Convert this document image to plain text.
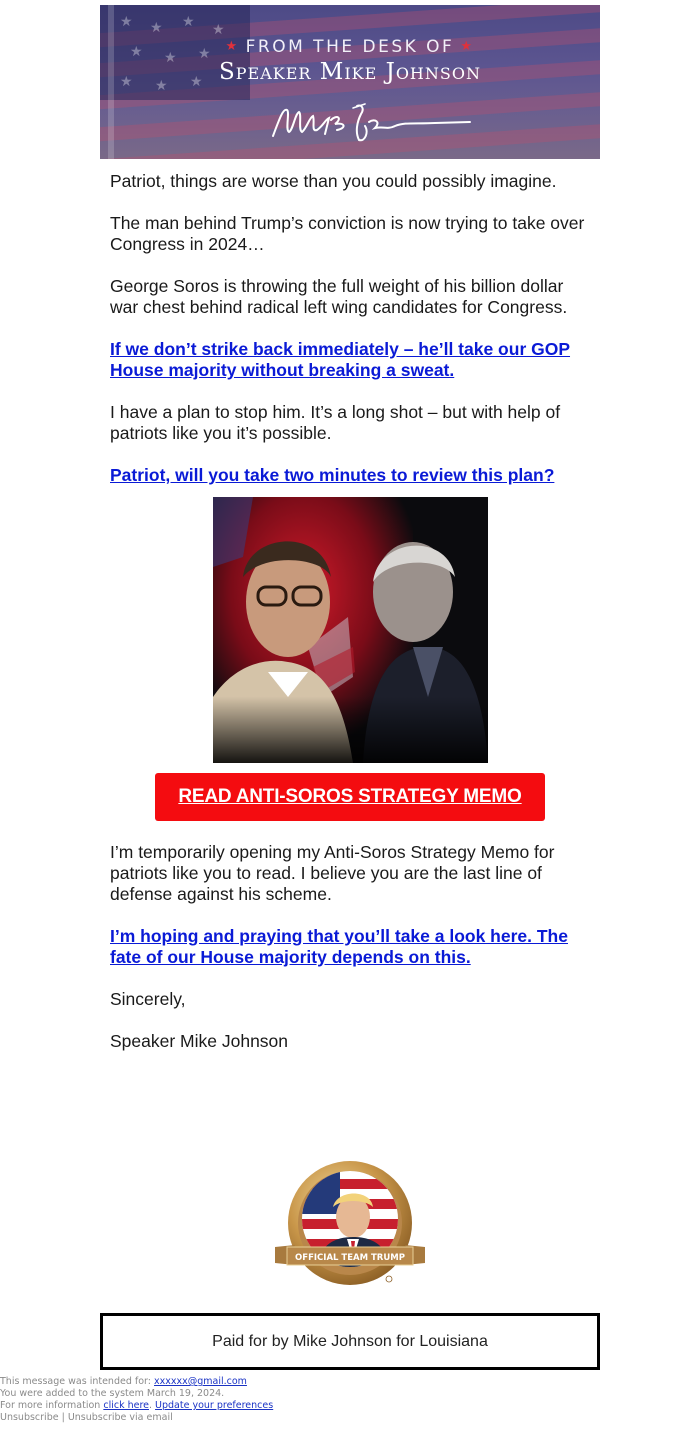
★ ★ ★ ★
★ ★ ★
★ ★ ★
★ FROM THE DESK OF ★
Speaker Mike Johnson

Patriot, things are worse than you could possibly imagine.

The man behind Trump’s conviction is now trying to take over Congress in 2024…

George Soros is throwing the full weight of his billion dollar war chest behind radical left wing candidates for Congress.

If we don’t strike back immediately – he’ll take our GOP House majority without breaking a sweat.

I have a plan to stop him. It’s a long shot – but with help of patriots like you it’s possible.

Patriot, will you take two minutes to review this plan?

READ ANTI-SOROS STRATEGY MEMO

I’m temporarily opening my Anti-Soros Strategy Memo for patriots like you to read. I believe you are the last line of defense against his scheme.

I’m hoping and praying that you’ll take a look here. The fate of our House majority depends on this.

Sincerely,

Speaker Mike Johnson

OFFICIAL TEAM TRUMP
Paid for by Mike Johnson for Louisiana
This message was intended for: xxxxxx@gmail.com
You were added to the system March 19, 2024.
For more information click here. Update your preferences
Unsubscribe | Unsubscribe via email
